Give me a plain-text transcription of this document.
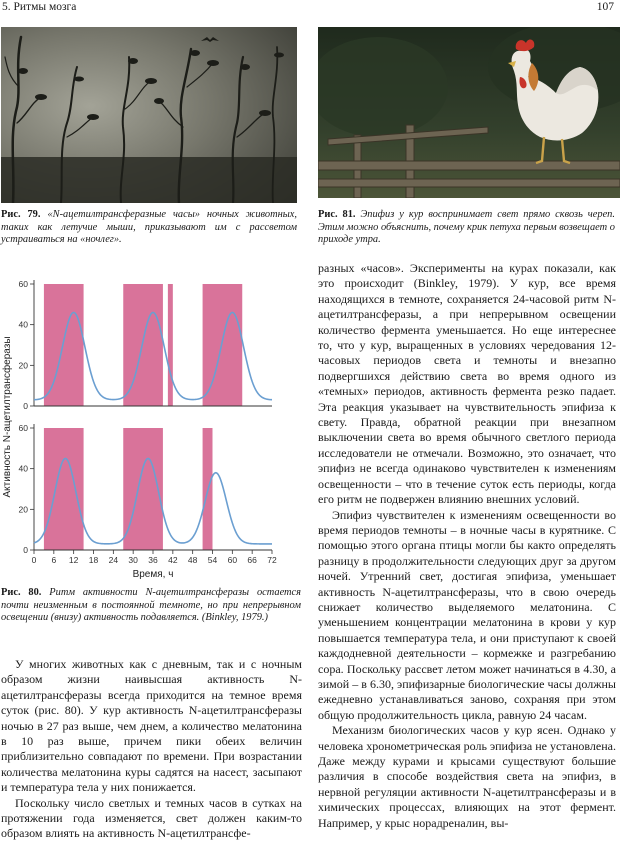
5. Ритмы мозга	107

Рис. 79. «N-ацетилтрансферазные часы» ночных животных, таких как летучие мыши, приказывают им с рассветом устраиваться на «ночлег».

Рис. 81. Эпифиз у кур воспринимает свет прямо сквозь череп. Этим можно объяснить, почему крик петуха первым возвещает о приходе утра.

0
20
40
60
0
20
40
60
0 6 12 18 24 30 36 42 48 54 60 66 72
Время, ч
Активность N-ацетилтрансферазы

Рис. 80. Ритм активности N-ацетилтрансферазы остается почти неизменным в постоянной темноте, но при непрерывном освещении (внизу) активность подавляется. (Binkley, 1979.)

У многих животных как с дневным, так и с ночным образом жизни наивысшая активность N-ацетилтрансферазы всегда приходится на темное время суток (рис. 80). У кур активность N-ацетилтрансферазы ночью в 27 раз выше, чем днем, а количество мелатонина в 10 раз выше, причем пики обеих величин приблизительно совпадают по времени. При возрастании количества мелатонина куры садятся на насест, засыпают и температура тела у них понижается.

Поскольку число светлых и темных часов в сутках на протяжении года изменяется, свет должен каким-то образом влиять на активность N-ацетилтрансфе-

разных «часов». Эксперименты на курах показали, как это происходит (Binkley, 1979). У кур, все время находящихся в темноте, сохраняется 24-часовой ритм N-ацетилтрансферазы, а при непрерывном освещении количество фермента уменьшается. Но еще интереснее то, что у кур, выращенных в условиях чередования 12-часовых периодов света и темноты и внезапно подвергшихся действию света во время одного из «темных» периодов, активность фермента резко падает. Эта реакция указывает на чувствительность эпифиза к свету. Правда, обратной реакции при внезапном выключении света во время обычного светлого периода исследователи не отмечали. Возможно, это означает, что эпифиз не всегда одинаково чувствителен к изменениям освещенности – что в течение суток есть периоды, когда его ритм не подвержен влиянию внешних условий.

Эпифиз чувствителен к изменениям освещенности во время периодов темноты – в ночные часы в курятнике. С помощью этого органа птицы могли бы както определять разницу в продолжительности следующих друг за другом ночей. Утренний свет, достигая эпифиза, уменьшает активность N-ацетилтрансферазы, что в свою очередь снижает количество выделяемого мелатонина. С уменьшением концентрации мелатонина в крови у кур повышается температура тела, и они приступают к своей каждодневной деятельности – кормежке и разгребанию сора. Поскольку рассвет летом может начинаться в 4.30, а зимой – в 6.30, эпифизарные биологические часы должны ежедневно устанавливаться заново, сохраняя при этом общую продолжительность цикла, равную 24 часам.

Механизм биологических часов у кур ясен. Однако у человека хронометрическая роль эпифиза не установлена. Даже между курами и крысами существуют большие различия в способе воздействия света на эпифиз, в нервной регуляции активности N-ацетилтрансферазы и в химических процессах, влияющих на этот фермент. Например, у крыс норадреналин, вы-
